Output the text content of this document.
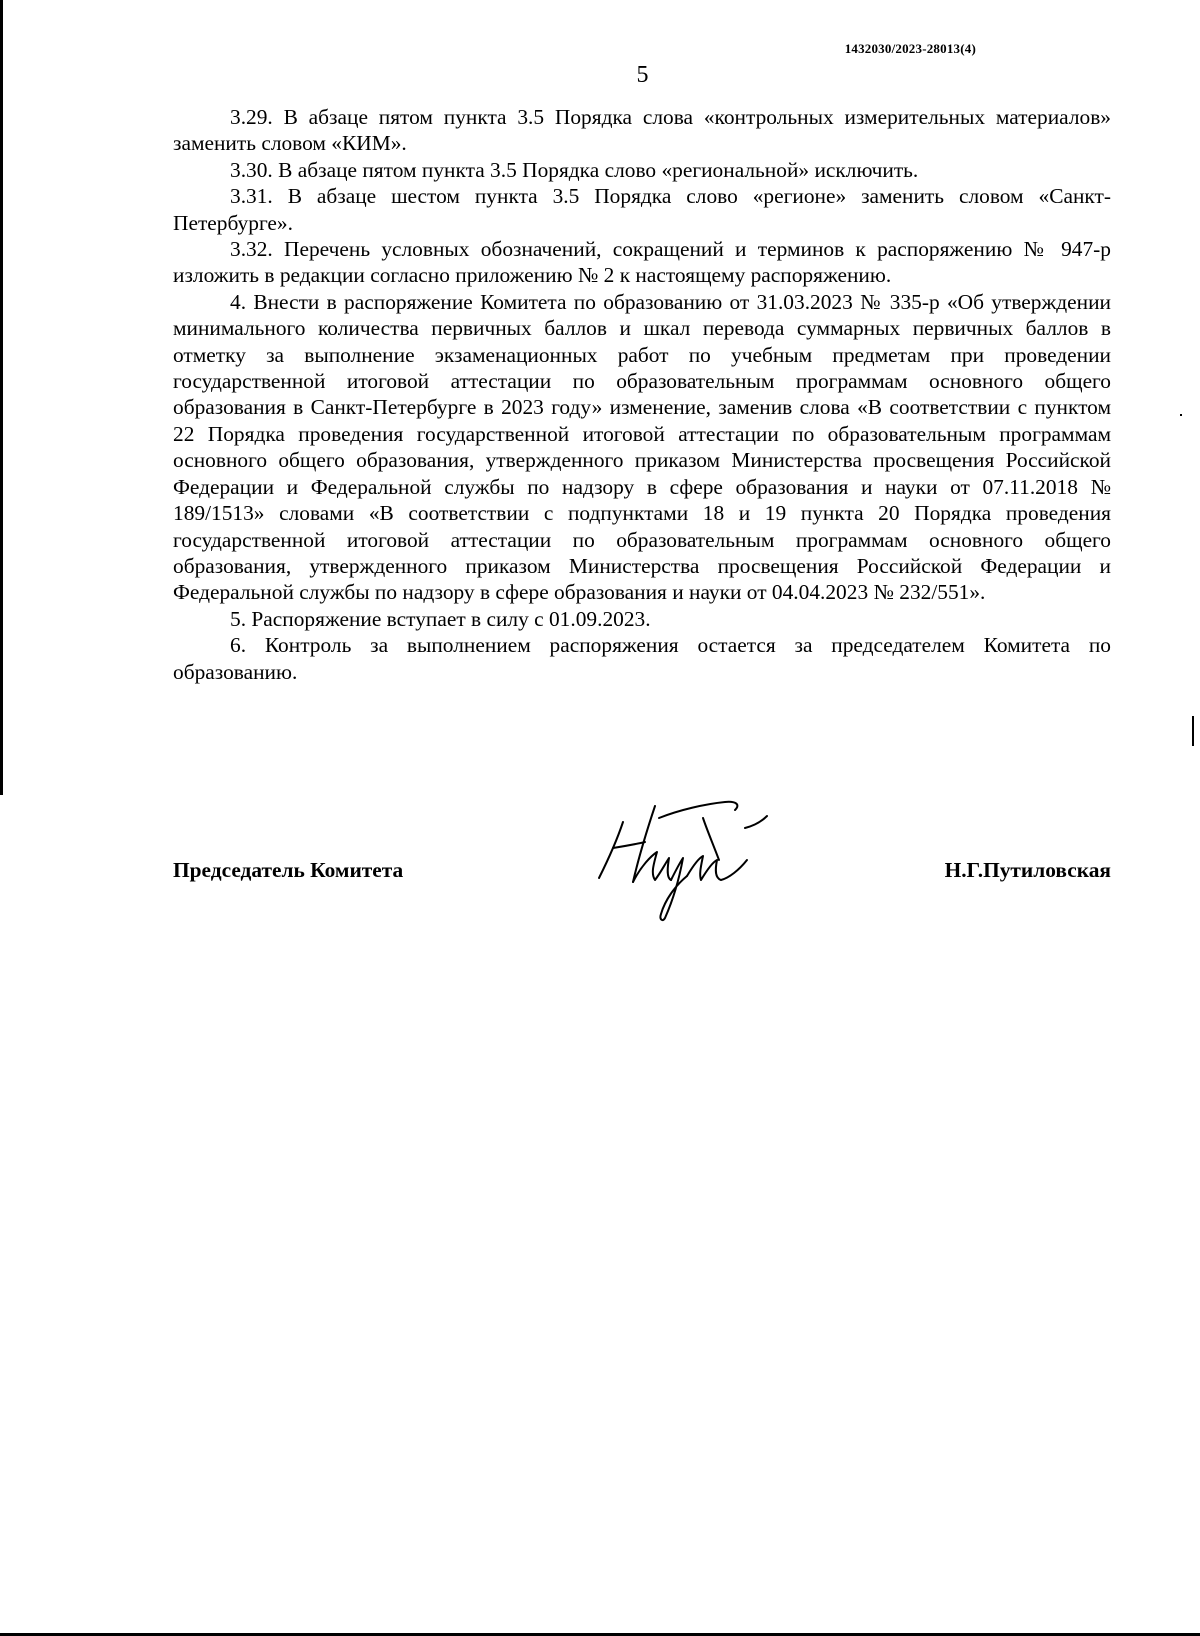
1432030/2023-28013(4)
5

3.29. В абзаце пятом пункта 3.5 Порядка слова «контрольных измерительных материалов» заменить словом «КИМ».

3.30. В абзаце пятом пункта 3.5 Порядка слово «региональной» исключить.

3.31. В абзаце шестом пункта 3.5 Порядка слово «регионе» заменить словом «Санкт-Петербурге».

3.32. Перечень условных обозначений, сокращений и терминов к распоряжению № 947-р изложить в редакции согласно приложению № 2 к настоящему распоряжению.

4. Внести в распоряжение Комитета по образованию от 31.03.2023 № 335-р «Об утверждении минимального количества первичных баллов и шкал перевода суммарных первичных баллов в отметку за выполнение экзаменационных работ по учебным предметам при проведении государственной итоговой аттестации по образовательным программам основного общего образования в Санкт-Петербурге в 2023 году» изменение, заменив слова «В соответствии с пунктом 22 Порядка проведения государственной итоговой аттестации по образовательным программам основного общего образования, утвержденного приказом Министерства просвещения Российской Федерации и Федеральной службы по надзору в сфере образования и науки от 07.11.2018 № 189/1513» словами «В соответствии с подпунктами 18 и 19 пункта 20 Порядка проведения государственной итоговой аттестации по образовательным программам основного общего образования, утвержденного приказом Министерства просвещения Российской Федерации и Федеральной службы по надзору в сфере образования и науки от 04.04.2023 № 232/551».

5. Распоряжение вступает в силу с 01.09.2023.

6. Контроль за выполнением распоряжения остается за председателем Комитета по образованию.

Председатель Комитета	Н.Г.Путиловская
